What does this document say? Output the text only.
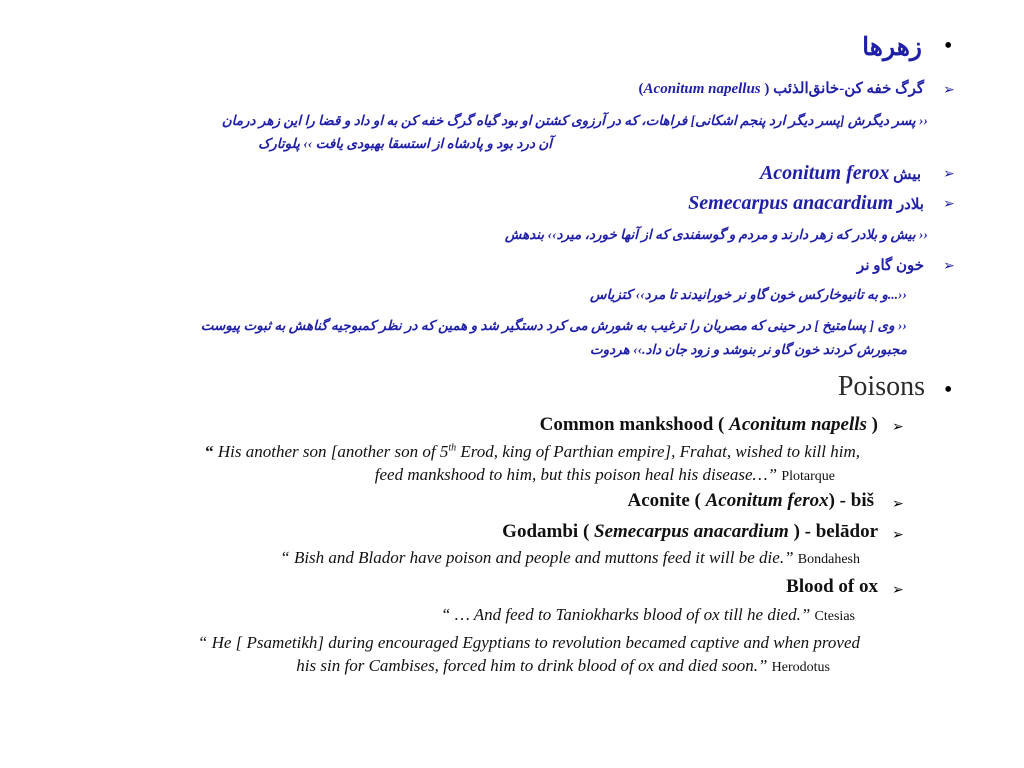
•
زهرها
➢
گرگ خفه کن-خانق‌الذئب ( Aconitum napellus)
‹‹ پسر دیگرش [پسر دیگر ارد پنجم اشکانی] فراهات، که در آرزوی کشتن او بود گیاه گرگ خفه کن به او داد و قضا را این زهر درمان
آن درد بود و پادشاه از استسقا بهبودی یافت ›› پلوتارک
➢
بیش Aconitum ferox
➢
بلادر Semecarpus anacardium
‹‹ بیش و بلادر که زهر دارند و مردم و گوسفندی که از آنها خورد، میرد›› بندهش
➢
خون گاو نر
‹‹...و به تانیوخارکس خون گاو نر خورانیدند تا مرد›› کتزیاس
‹‹ وی [ پسامتیخ ] در حینی که مصریان را ترغیب به شورش می کرد دستگیر شد و همین که در نظر کمبوجیه گناهش به ثبوت پیوست
مجبورش کردند خون گاو نر بنوشد و زود جان داد.›› هردوت
•
Poisons
➢
Common mankshood ( Aconitum napells )
“ His another son [another son of 5th Erod, king of Parthian empire], Frahat, wished to kill him,
feed mankshood to him, but this poison heal his disease…” Plotarque
➢
Aconite ( Aconitum ferox) - biš
➢
Godambi ( Semecarpus anacardium ) - belādor
“ Bish and Blador have poison and people and muttons feed it will be die.” Bondahesh
➢
Blood of ox
“ … And feed to Taniokharks blood of ox till he died.” Ctesias
“ He [ Psametikh] during encouraged Egyptians to revolution becamed captive and when proved
his sin for Cambises, forced him to drink blood of ox and died soon.” Herodotus
